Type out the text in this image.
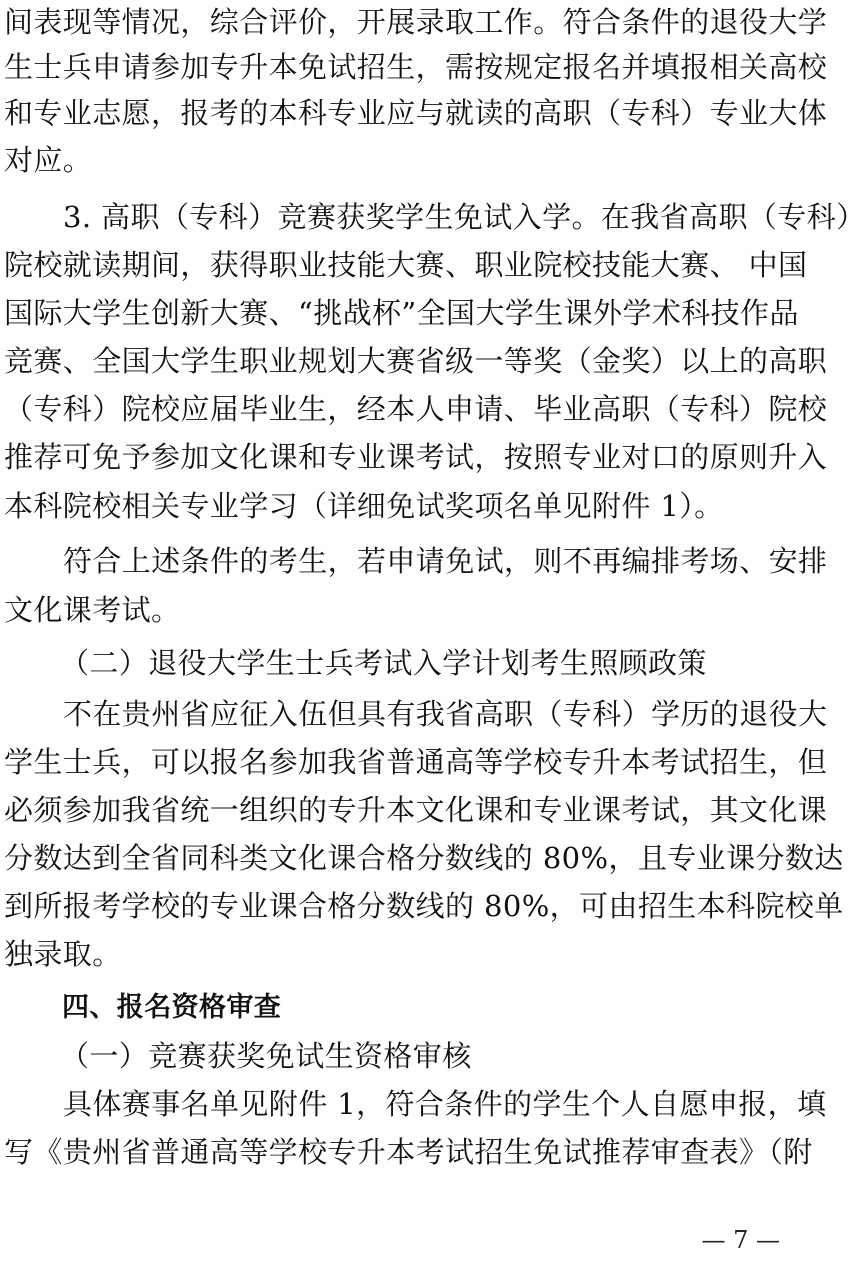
间表现等情况，综合评价，开展录取工作。符合条件的退役大学
生士兵申请参加专升本免试招生，需按规定报名并填报相关高校
和专业志愿，报考的本科专业应与就读的高职（专科）专业大体
对应。
3. 高职（专科）竞赛获奖学生免试入学。在我省高职（专科）
院校就读期间，获得职业技能大赛、职业院校技能大赛、 中国
国际大学生创新大赛、“挑战杯”全国大学生课外学术科技作品
竞赛、全国大学生职业规划大赛省级一等奖（金奖）以上的高职
（专科）院校应届毕业生，经本人申请、毕业高职（专科）院校
推荐可免予参加文化课和专业课考试，按照专业对口的原则升入
本科院校相关专业学习（详细免试奖项名单见附件 1）。
符合上述条件的考生，若申请免试，则不再编排考场、安排
文化课考试。
（二）退役大学生士兵考试入学计划考生照顾政策
不在贵州省应征入伍但具有我省高职（专科）学历的退役大
学生士兵，可以报名参加我省普通高等学校专升本考试招生，但
必须参加我省统一组织的专升本文化课和专业课考试，其文化课
分数达到全省同科类文化课合格分数线的 80%，且专业课分数达
到所报考学校的专业课合格分数线的 80%，可由招生本科院校单
独录取。
四、报名资格审查
（一）竞赛获奖免试生资格审核
具体赛事名单见附件 1，符合条件的学生个人自愿申报，填
写《贵州省普通高等学校专升本考试招生免试推荐审查表》（附
— 7 —
